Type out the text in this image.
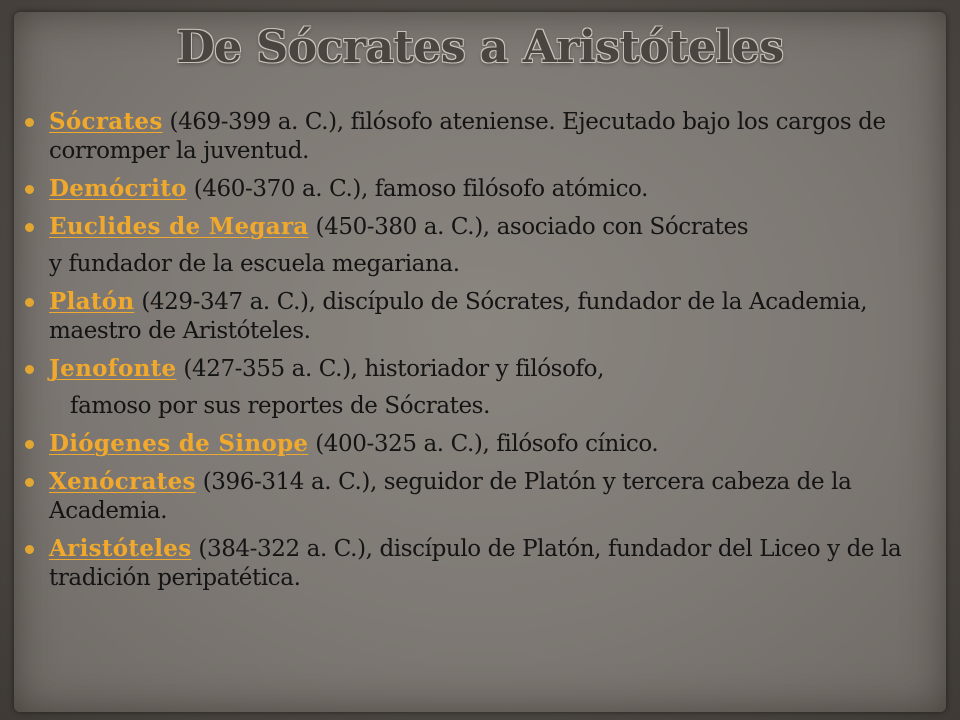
De Sócrates a Aristóteles
Sócrates (469-399 a. C.), filósofo ateniense. Ejecutado bajo los cargos de corromper la juventud.
Demócrito (460-370 a. C.), famoso filósofo atómico.
Euclides de Megara (450-380 a. C.), asociado con Sócrates
y fundador de la escuela megariana.
Platón (429-347 a. C.), discípulo de Sócrates, fundador de la Academia, maestro de Aristóteles.
Jenofonte (427-355 a. C.), historiador y filósofo,
famoso por sus reportes de Sócrates.
Diógenes de Sinope (400-325 a. C.), filósofo cínico.
Xenócrates (396-314 a. C.), seguidor de Platón y tercera cabeza de la Academia.
Aristóteles (384-322 a. C.), discípulo de Platón, fundador del Liceo y de la tradición peripatética.
